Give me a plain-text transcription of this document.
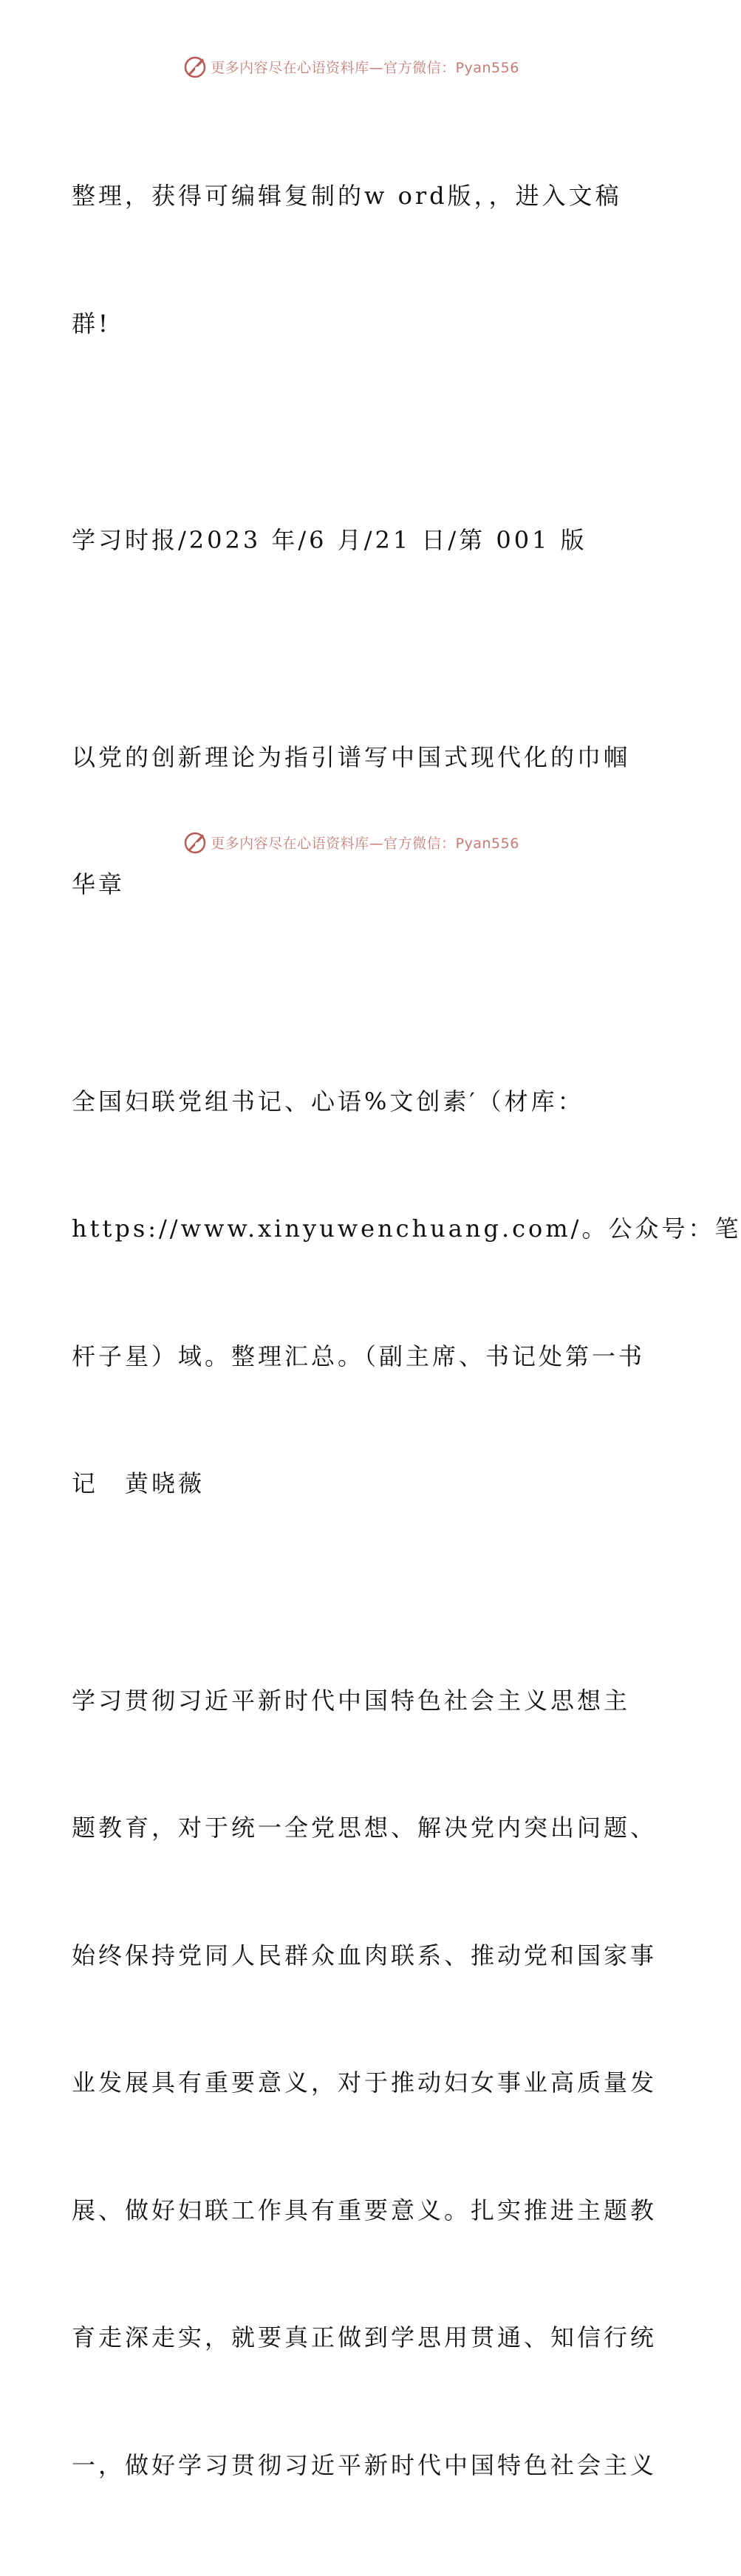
更多内容尽在心语资料库—官方微信：Pyan556

整理，获得可编辑复制的w ord版，，进入文稿

群!

学习时报/2023 年/6 月/21 日/第 001 版

以党的创新理论为指引谱写中国式现代化的巾帼

华章

全国妇联党组书记、心语%文创素′（材库：

https://www.xinyuwenchuang.com/。公众号：笔

杆子星）域。整理汇总。（副主席、书记处第一书

记　黄晓薇

学习贯彻习近平新时代中国特色社会主义思想主

题教育，对于统一全党思想、解决党内突出问题、

始终保持党同人民群众血肉联系、推动党和国家事

业发展具有重要意义，对于推动妇女事业高质量发

展、做好妇联工作具有重要意义。扎实推进主题教

育走深走实，就要真正做到学思用贯通、知信行统

一，做好学习贯彻习近平新时代中国特色社会主义

更多内容尽在心语资料库—官方微信：Pyan556
